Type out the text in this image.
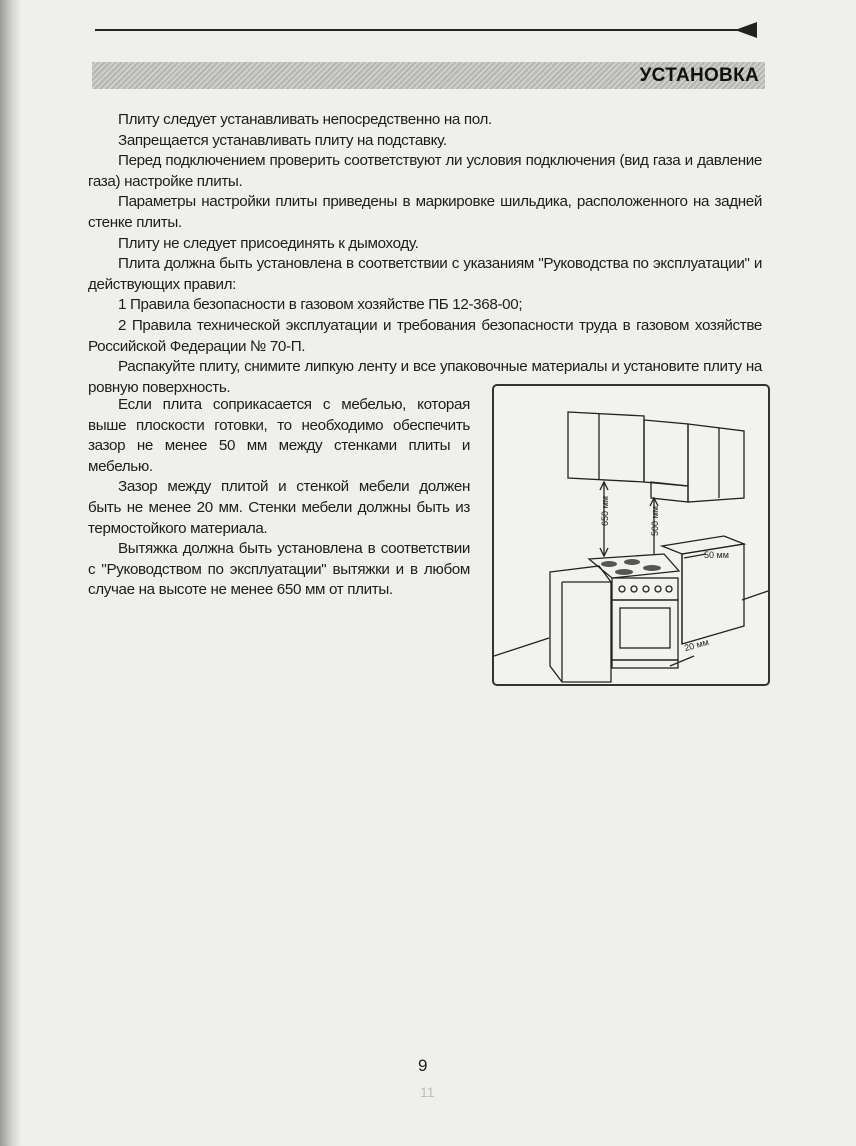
УСТАНОВКА

Плиту следует устанавливать непосредственно на пол.

Запрещается устанавливать плиту на подставку.

Перед подключением проверить соответствуют ли условия подключения (вид газа и давление газа) настройке плиты.

Параметры настройки плиты приведены в маркировке шильдика, расположенного на задней стенке плиты.

Плиту не следует присоединять к дымоходу.

Плита должна быть установлена в соответствии с указаниям "Руководства по эксплуатации" и действующих правил:

1 Правила безопасности в газовом хозяйстве ПБ 12-368-00;

2 Правила технической эксплуатации и требования безопасности труда в газовом хозяйстве Российской Федерации № 70-П.

Распакуйте плиту, снимите липкую ленту и все упаковочные материалы и установите плиту на ровную поверхность.

Если плита соприкасается с мебелью, которая выше плоскости готовки, то необходимо обеспечить зазор не менее 50 мм между стенками плиты и мебелью.

Зазор между плитой и стенкой мебели должен быть не менее 20 мм. Стенки мебели должны быть из термостойкого материала.

Вытяжка должна быть установлена в соответствии с "Руководством по эксплуатации" вытяжки и в любом случае на высоте не менее 650 мм от плиты.

650 мм	500 мм
50 мм
20 мм
9
11
